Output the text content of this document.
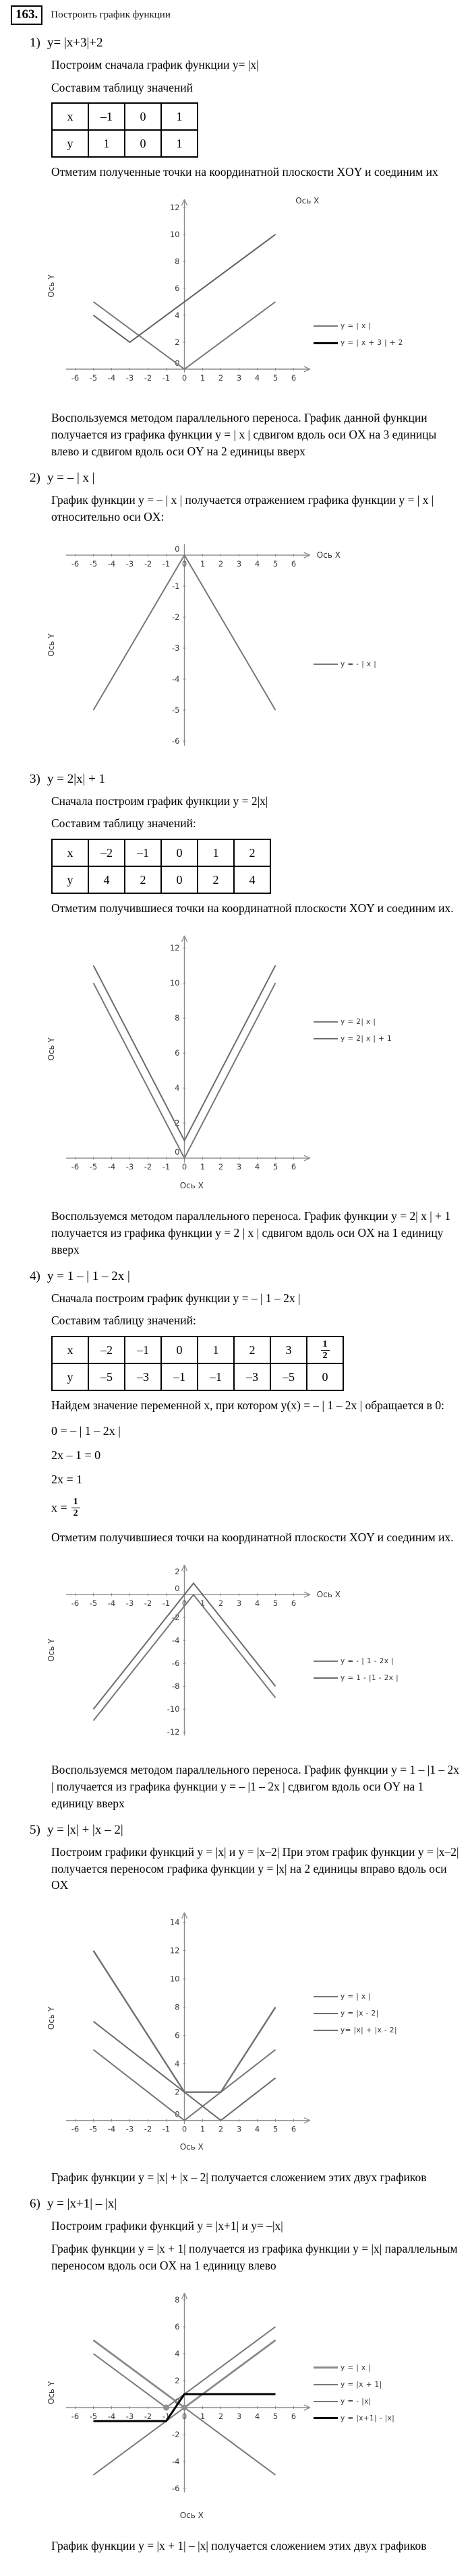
163.	Построить график функции
1) y= |x+3|+2

Построим сначала график функции y= |x|

Составим таблицу значений

x	–1	0	1
y	1	0	1

Отметим полученные точки на координатной плоскости XOY и соединим их

-6 -5 -4 -3 -2 -1 0 1 2 3 4 5 6
2
4
6
8
10
12
0
Ось X
Ось Y
y = | x |
y = | x + 3 | + 2

Воспользуемся методом параллельного переноса. График данной функции получается из графика функции y = | x | сдвигом вдоль оси OX на 3 единицы влево и сдвигом вдоль оси OY на 2 единицы вверх

2) y = – | x |

График функции y = – | x | получается отражением графика функции y = | x | относительно оси OX:

-6 -5 -4 -3 -2 -1 0 1 2 3 4 5 6
-1
-2
-3
-4
-5
-6
0
Ось X
Ось Y
y = - | x |
3) y = 2|x| + 1

Сначала построим график функции y = 2|x|

Составим таблицу значений:

x	–2	–1	0	1	2
y	4	2	0	2	4

Отметим получившиеся точки на координатной плоскости XOY и соединим их.

-6 -5 -4 -3 -2 -1 0 1 2 3 4 5 6
2
4
6
8
10
12
0
Ось X
Ось Y
y = 2| x |
y = 2| x | + 1

Воспользуемся методом параллельного переноса. График функции y = 2| x | + 1 получается из графика функции y = 2 | x | сдвигом вдоль оси OX на 1 единицу вверх

4) y = 1 – | 1 – 2x |

Сначала построим график функции y = – | 1 – 2x |

Составим таблицу значений:

x	–2	–1	0	1	2	3	$\frac{1}{2}$

y	–5	–3	–1	–1	–3	–5	0

Найдем значение переменной x, при котором y(x) = – | 1 – 2x | обращается в 0:

0 = – | 1 – 2x |
2x – 1 = 0
2x = 1
$x = \frac{1}{2}$

Отметим получившиеся точки на координатной плоскости XOY и соединим их.

-6 -5 -4 -3 -2 -1 0 1 2 3 4 5 6
2
-2
-4
-6
-8
-10
-12
0
Ось X
Ось Y	y = - | 1 - 2x |
y = 1 - |1 - 2x |

Воспользуемся методом параллельного переноса. График функции y = 1 – |1 – 2x | получается из графика функции y = – |1 – 2x | сдвигом вдоль оси OY на 1 единицу вверх

5) y = |x| + |x – 2|

Построим графики функций y = |x| и y = |x–2| При этом график функции y = |x–2| получается переносом графика функции y = |x| на 2 единицы вправо вдоль оси OX

-6 -5 -4 -3 -2 -1 0 1 2 3 4 5 6
2
4
6
8
10
12
14
0
Ось X
Ось Y
y = | x |
y = |x - 2|
y= |x| + |x - 2|

График функции y = |x| + |x – 2| получается сложением этих двух графиков

6) y = |x+1| – |x|

Построим графики функций y = |x+1| и y= –|x|

График функции y = |x + 1| получается из графика функции y = |x| параллельным переносом вдоль оси OX на 1 единицу влево

-6 -5 -4 -3 -2 -1 0 1 2 3 4 5 6
8
6
4
2
-2
-4
-6
0
Ось X
Ось Y
y = | x |
y = |x + 1|
y = - |x|
y = |x+1| - |x|

График функции y = |x + 1| – |x| получается сложением этих двух графиков
